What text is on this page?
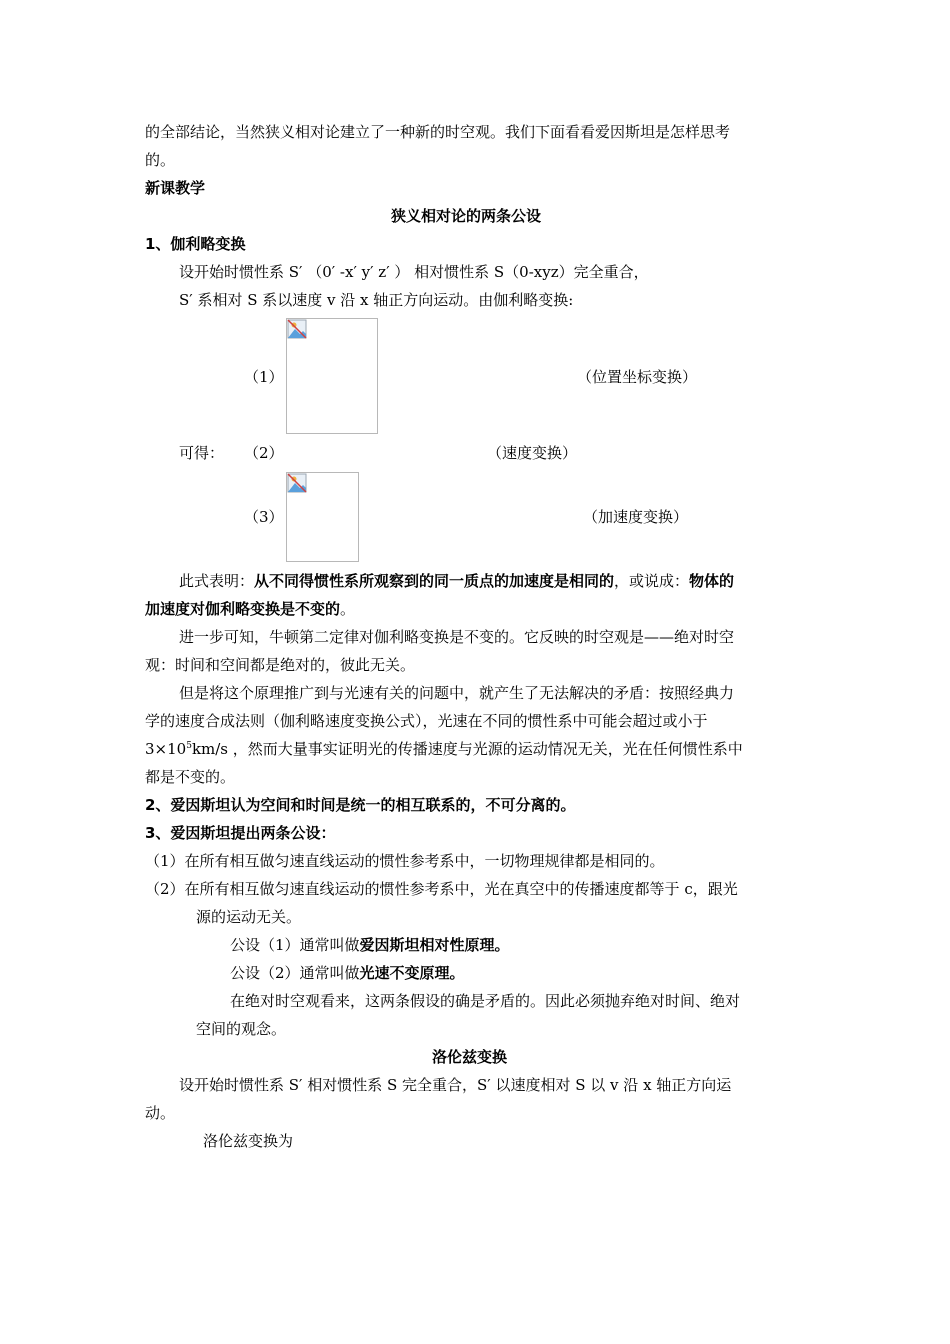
的全部结论，当然狭义相对论建立了一种新的时空观。我们下面看看爱因斯坦是怎样思考
的。
新课教学
狭义相对论的两条公设
1、伽利略变换
设开始时惯性系 S′ （0′ -x′ y′ z′ ） 相对惯性系 S（0-xyz）完全重合，
S′ 系相对 S 系以速度 v 沿 x 轴正方向运动。由伽利略变换:
（1）	（位置坐标变换）
可得： （2）	（速度变换）
（3）	（加速度变换）
此式表明：从不同得惯性系所观察到的同一质点的加速度是相同的，或说成：物体的
加速度对伽利略变换是不变的。
进一步可知，牛顿第二定律对伽利略变换是不变的。它反映的时空观是——绝对时空
观：时间和空间都是绝对的，彼此无关。
但是将这个原理推广到与光速有关的问题中，就产生了无法解决的矛盾：按照经典力
学的速度合成法则（伽利略速度变换公式），光速在不同的惯性系中可能会超过或小于
$3\times 10^5km/s$ ，然而大量事实证明光的传播速度与光源的运动情况无关，光在任何惯性系中
都是不变的。
2、爱因斯坦认为空间和时间是统一的相互联系的，不可分离的。
3、爱因斯坦提出两条公设：
（1）在所有相互做匀速直线运动的惯性参考系中，一切物理规律都是相同的。
（2）在所有相互做匀速直线运动的惯性参考系中，光在真空中的传播速度都等于 c，跟光
源的运动无关。
公设（1）通常叫做爱因斯坦相对性原理。
公设（2）通常叫做光速不变原理。
在绝对时空观看来，这两条假设的确是矛盾的。因此必须抛弃绝对时间、绝对
空间的观念。
洛伦兹变换
设开始时惯性系 S′ 相对惯性系 S 完全重合，S′ 以速度相对 S 以 v 沿 x 轴正方向运
动。
洛伦兹变换为
